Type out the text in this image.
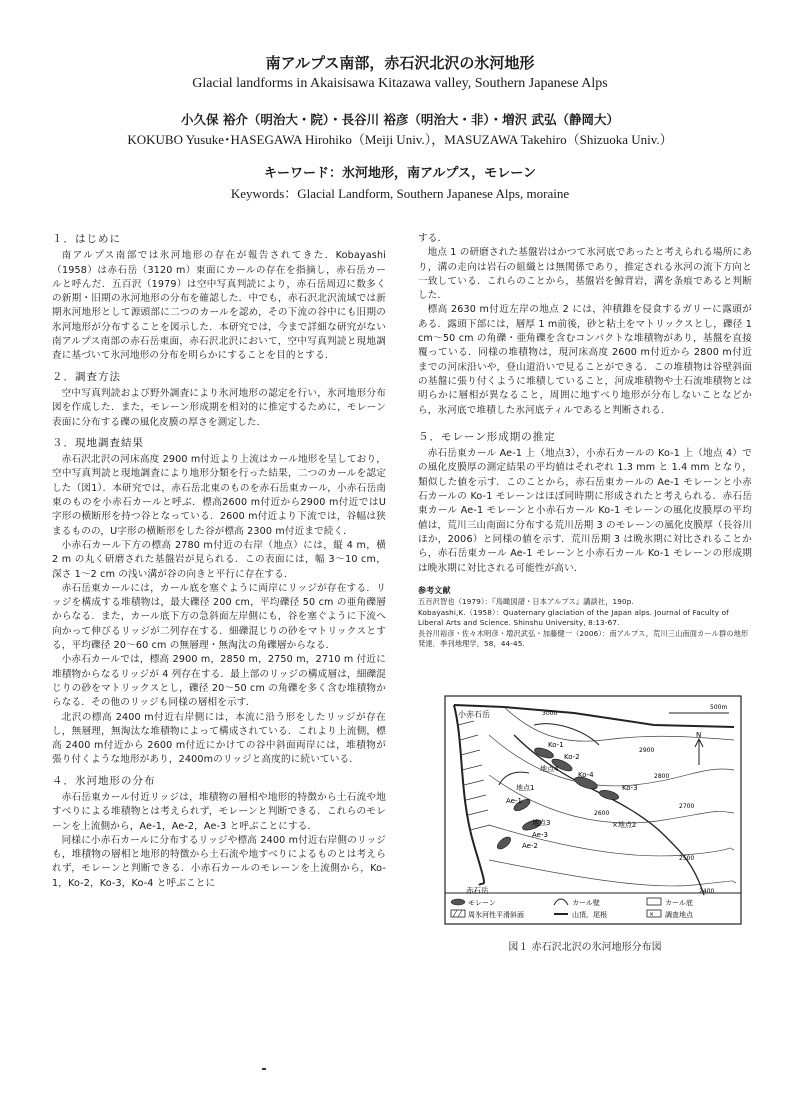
南アルプス南部，赤石沢北沢の氷河地形
Glacial landforms in Akaisisawa Kitazawa valley, Southern Japanese Alps
小久保 裕介（明治大・院）・長谷川 裕彦（明治大・非）・増沢 武弘（静岡大）
KOKUBO Yusuke･HASEGAWA Hirohiko（Meiji Univ.），MASUZAWA Takehiro（Shizuoka Univ.）
キーワード：氷河地形，南アルプス，モレーン
Keywords：Glacial Landform, Southern Japanese Alps, moraine
１．はじめに

南アルプス南部では氷河地形の存在が報告されてきた．Kobayashi（1958）は赤石岳（3120 m）東面にカールの存在を指摘し，赤石岳カールと呼んだ．五百沢（1979）は空中写真判読により，赤石岳周辺に数多くの新期・旧期の氷河地形の分布を確認した．中でも，赤石沢北沢流域では新期氷河地形として源頭部に二つのカールを認め，その下流の谷中にも旧期の氷河地形が分布することを図示した．本研究では，今まで詳細な研究がない南アルプス南部の赤石岳東面，赤石沢北沢において，空中写真判読と現地調査に基づいて氷河地形の分布を明らかにすることを目的とする．

２．調査方法

空中写真判読および野外調査により氷河地形の認定を行い，氷河地形分布図を作成した．また，モレーン形成期を相対的に推定するために，モレーン表面に分布する礫の風化皮膜の厚さを測定した．

３．現地調査結果

赤石沢北沢の河床高度 2900 m付近より上流はカール地形を呈しており，空中写真判読と現地調査により地形分類を行った結果，二つのカールを認定した（図1）．本研究では，赤石岳北東のものを赤石岳東カール，小赤石岳南東のものを小赤石カールと呼ぶ．標高2600 m付近から2900 m付近ではU字形の横断形を持つ谷となっている．2600 m付近より下流では，谷幅は狭まるものの，U字形の横断形をした谷が標高 2300 m付近まで続く．

小赤石カール下方の標高 2780 m付近の右岸（地点）には，縦 4 m，横 2 m の丸く研磨された基盤岩が見られる．この表面には，幅 3～10 cm，深さ 1～2 cm の浅い溝が谷の向きと平行に存在する．

赤石岳東カールには，カール底を塞ぐように両岸にリッジが存在する．リッジを構成する堆積物は，最大礫径 200 cm，平均礫径 50 cm の亜角礫層からなる．また，カール底下方の急斜面左岸側にも，谷を塞ぐように下流へ向かって伸びるリッジが二列存在する．細礫混じりの砂をマトリックスとする，平均礫径 20～60 cm の無層理・無淘汰の角礫層からなる．

小赤石カールでは，標高 2900 m，2850 m，2750 m，2710 m 付近に堆積物からなるリッジが 4 列存在する．最上部のリッジの構成層は，細礫混じりの砂をマトリックスとし，礫径 20～50 cm の角礫を多く含む堆積物からなる．その他のリッジも同様の層相を示す．

北沢の標高 2400 m付近右岸側には，本流に沿う形をしたリッジが存在し，無層理，無淘汰な堆積物によって構成されている．これより上流側，標高 2400 m付近から 2600 m付近にかけての谷中斜面両岸には，堆積物が張り付くような地形があり，2400mのリッジと高度的に続いている．

４．氷河地形の分布

赤石岳東カール付近リッジは，堆積物の層相や地形的特徴から土石流や地すべりによる堆積物とは考えられず，モレーンと判断できる．これらのモレーンを上流側から，Ae-1，Ae-2，Ae-3 と呼ぶことにする．

同様に小赤石カールに分布するリッジや標高 2400 m付近右岸側のリッジも，堆積物の層相と地形的特徴から土石流や地すべりによるものとは考えられず，モレーンと判断できる．小赤石カールのモレーンを上流側から，Ko-1，Ko-2，Ko-3，Ko-4 と呼ぶことに

する．

地点 1 の研磨された基盤岩はかつて氷河底であったと考えられる場所にあり，溝の走向は岩石の組織とは無関係であり，推定される氷河の流下方向と一致している．これらのことから，基盤岩を鯨背岩，溝を条痕であると判断した．

標高 2630 m付近左岸の地点 2 には，沖積錐を侵食するガリーに露頭がある．露頭下部には，層厚 1 m前後，砂と粘土をマトリックスとし，礫径 1 cm～50 cm の角礫・亜角礫を含むコンパクトな堆積物があり，基盤を直接覆っている．同様の堆積物は，現河床高度 2600 m付近から 2800 m付近までの河床沿いや，登山道沿いで見ることができる．この堆積物は谷壁斜面の基盤に張り付くように堆積していること，河成堆積物や土石流堆積物とは明らかに層相が異なること，周囲に地すべり地形が分布しないことなどから，氷河底で堆積した氷河底ティルであると判断される．

５．モレーン形成期の推定

赤石岳東カール Ae-1 上（地点3），小赤石カールの Ko-1 上（地点 4）での風化皮膜厚の測定結果の平均値はそれぞれ 1.3 mm と 1.4 mm となり，類似した値を示す．このことから，赤石岳東カールの Ae-1 モレーンと小赤石カールの Ko-1 モレーンはほぼ同時期に形成されたと考えられる．赤石岳東カール Ae-1 モレーンと小赤石カール Ko-1 モレーンの風化皮膜厚の平均値は，荒川三山南面に分布する荒川岳期 3 のモレーンの風化皮膜厚（長谷川ほか，2006）と同様の値を示す．荒川岳期 3 は晩氷期に対比されることから，赤石岳東カール Ae-1 モレーンと小赤石カール Ko-1 モレーンの形成期は晩氷期に対比される可能性が高い．

参考文献

五百沢智也（1979）：『鳥瞰図譜・日本アルプス』講談社，190p.

Kobayashi,K.（1958）：Quaternary glaciation of the Japan alps. Journal of Faculty of Liberal Arts and Science. Shinshu University, 8:13-67.

長谷川裕彦・佐々木明彦・増沢武弘・加藤健一（2006）：南アルプス，荒川三山南面カール群の地形発達．季刊地理学，58，44-45.

小赤石岳
赤石岳
3000
2900
2800
2700
2600
2500
2400
500m
N
Ko-1
Ko-2
Ko-3
Ko-4
Ae-1
Ae-2
Ae-3
地点1
×地点2
地点3
地点4
モレーン	カール壁	カール底
周氷河性平滑斜面	山頂，尾根	× 調査地点
図１ 赤石沢北沢の氷河地形分布図
